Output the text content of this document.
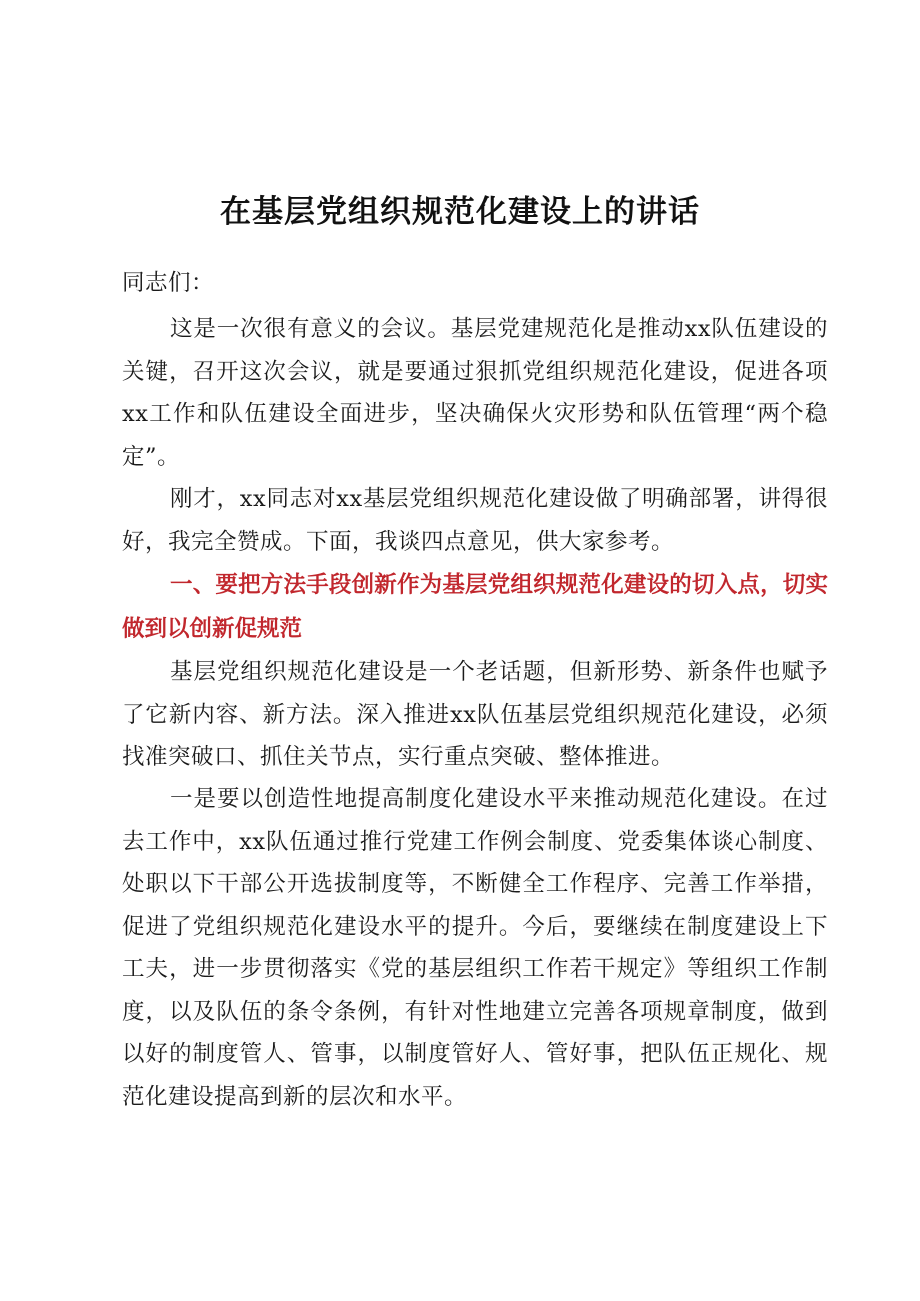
在基层党组织规范化建设上的讲话
同志们：
这是一次很有意义的会议。基层党建规范化是推动xx队伍建设的关键，召开这次会议，就是要通过狠抓党组织规范化建设，促进各项xx工作和队伍建设全面进步，坚决确保火灾形势和队伍管理“两个稳定”。
刚才，xx同志对xx基层党组织规范化建设做了明确部署，讲得很好，我完全赞成。下面，我谈四点意见，供大家参考。
一、要把方法手段创新作为基层党组织规范化建设的切入点，切实做到以创新促规范
基层党组织规范化建设是一个老话题，但新形势、新条件也赋予了它新内容、新方法。深入推进xx队伍基层党组织规范化建设，必须找准突破口、抓住关节点，实行重点突破、整体推进。
一是要以创造性地提高制度化建设水平来推动规范化建设。在过去工作中，xx队伍通过推行党建工作例会制度、党委集体谈心制度、处职以下干部公开选拔制度等，不断健全工作程序、完善工作举措，促进了党组织规范化建设水平的提升。今后，要继续在制度建设上下工夫，进一步贯彻落实《党的基层组织工作若干规定》等组织工作制度，以及队伍的条令条例，有针对性地建立完善各项规章制度，做到以好的制度管人、管事，以制度管好人、管好事，把队伍正规化、规范化建设提高到新的层次和水平。
